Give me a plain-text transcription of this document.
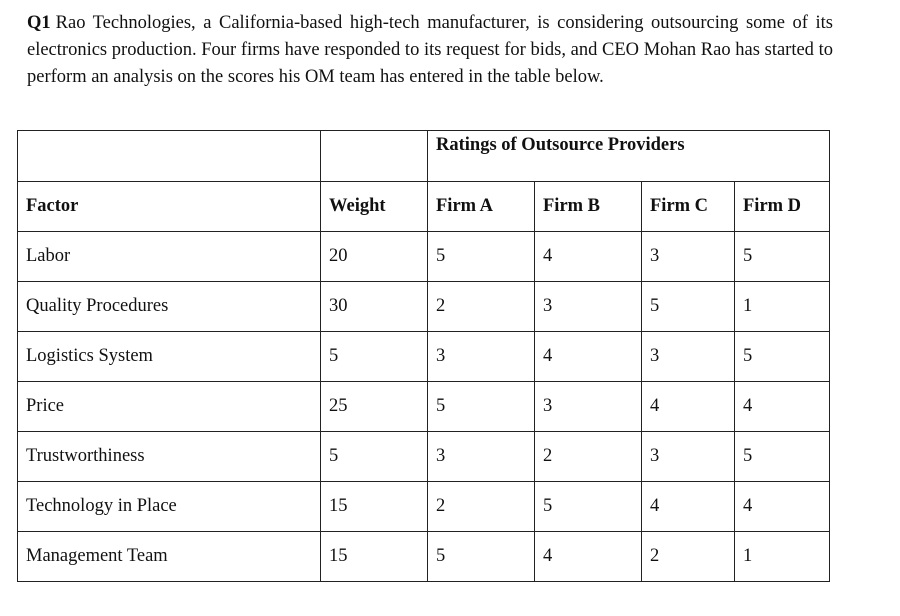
Q1 Rao Technologies, a California-based high-tech manufacturer, is considering outsourcing some of its electronics production. Four firms have responded to its request for bids, and CEO Mohan Rao has started to perform an analysis on the scores his OM team has entered in the table below.
		Ratings of Outsource Providers			
Factor	Weight	Firm A	Firm B	Firm C	Firm D
Labor	20	5	4	3	5
Quality Procedures	30	2	3	5	1
Logistics System	5	3	4	3	5
Price	25	5	3	4	4
Trustworthiness	5	3	2	3	5
Technology in Place	15	2	5	4	4
Management Team	15	5	4	2	1
